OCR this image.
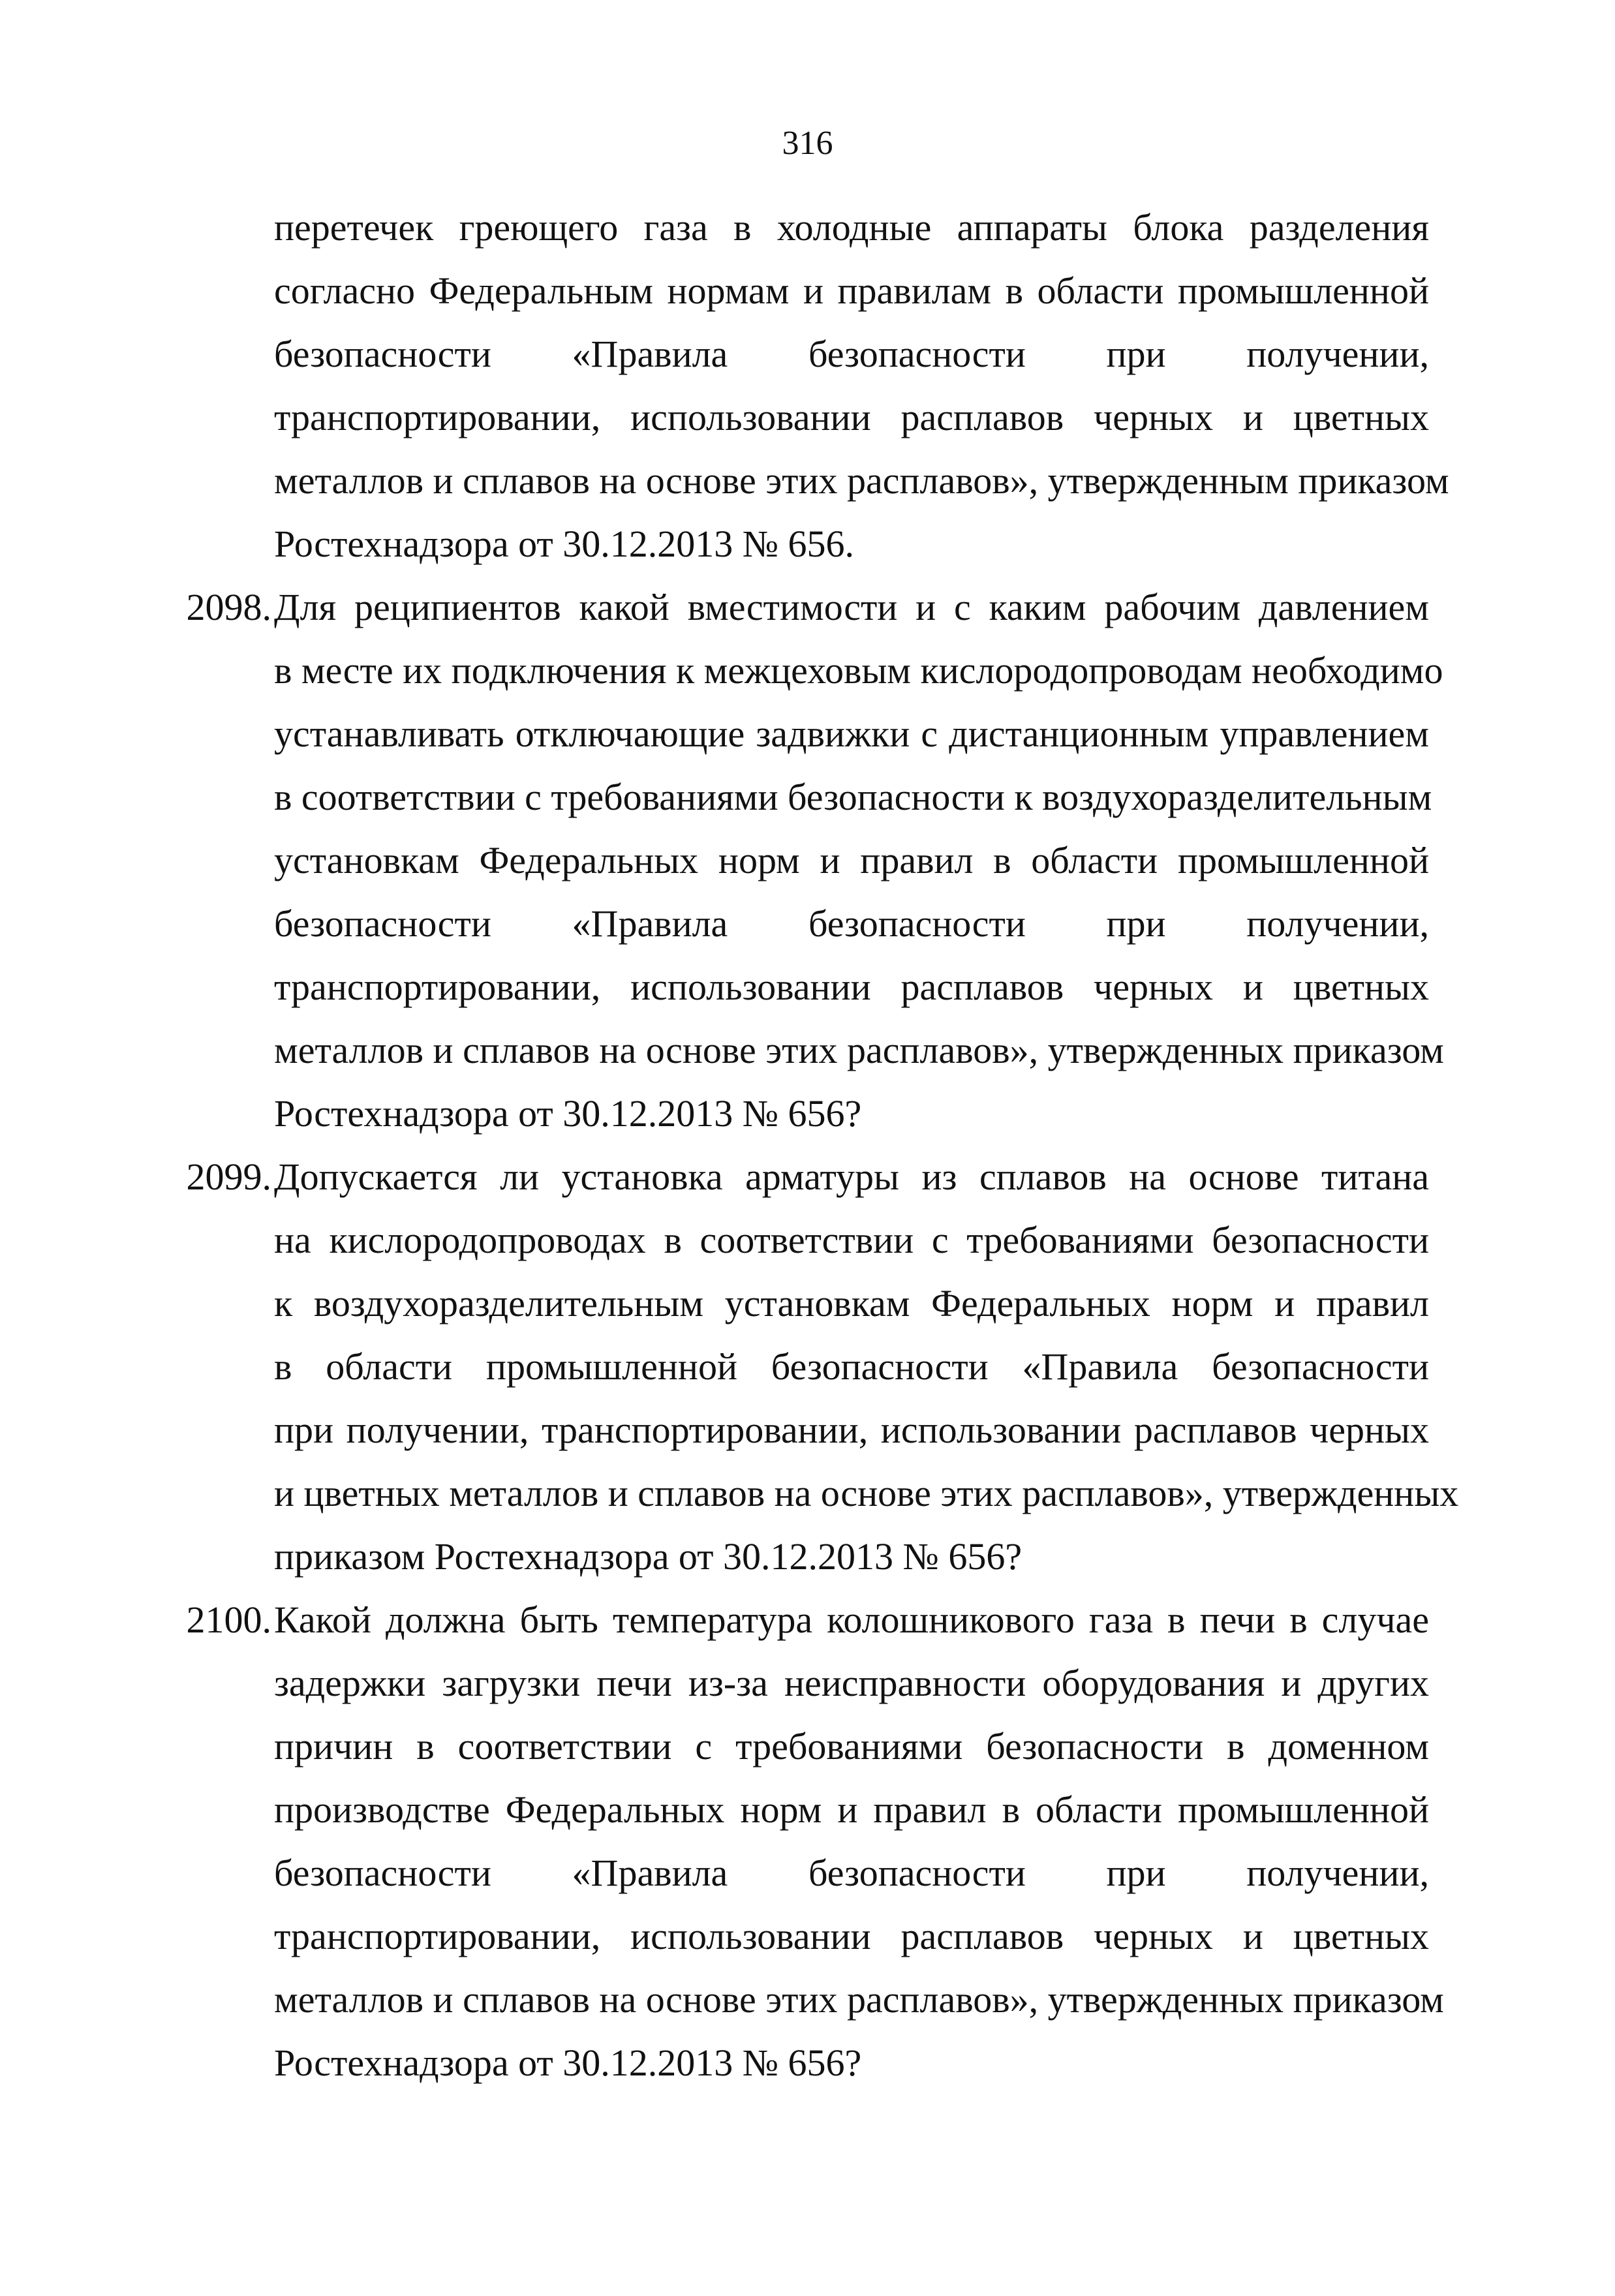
316
перетечек греющего газа в холодные аппараты блока разделения
согласно Федеральным нормам и правилам в области промышленной
безопасности «Правила безопасности при получении,
транспортировании, использовании расплавов черных и цветных
металлов и сплавов на основе этих расплавов», утвержденным приказом
Ростехнадзора от 30.12.2013 № 656.
2098. Для реципиентов какой вместимости и с каким рабочим давлением
в месте их подключения к межцеховым кислородопроводам необходимо
устанавливать отключающие задвижки с дистанционным управлением
в соответствии с требованиями безопасности к воздухоразделительным
установкам Федеральных норм и правил в области промышленной
безопасности «Правила безопасности при получении,
транспортировании, использовании расплавов черных и цветных
металлов и сплавов на основе этих расплавов», утвержденных приказом
Ростехнадзора от 30.12.2013 № 656?
2099. Допускается ли установка арматуры из сплавов на основе титана
на кислородопроводах в соответствии с требованиями безопасности
к воздухоразделительным установкам Федеральных норм и правил
в области промышленной безопасности «Правила безопасности
при получении, транспортировании, использовании расплавов черных
и цветных металлов и сплавов на основе этих расплавов», утвержденных
приказом Ростехнадзора от 30.12.2013 № 656?
2100. Какой должна быть температура колошникового газа в печи в случае
задержки загрузки печи из-за неисправности оборудования и других
причин в соответствии с требованиями безопасности в доменном
производстве Федеральных норм и правил в области промышленной
безопасности «Правила безопасности при получении,
транспортировании, использовании расплавов черных и цветных
металлов и сплавов на основе этих расплавов», утвержденных приказом
Ростехнадзора от 30.12.2013 № 656?
